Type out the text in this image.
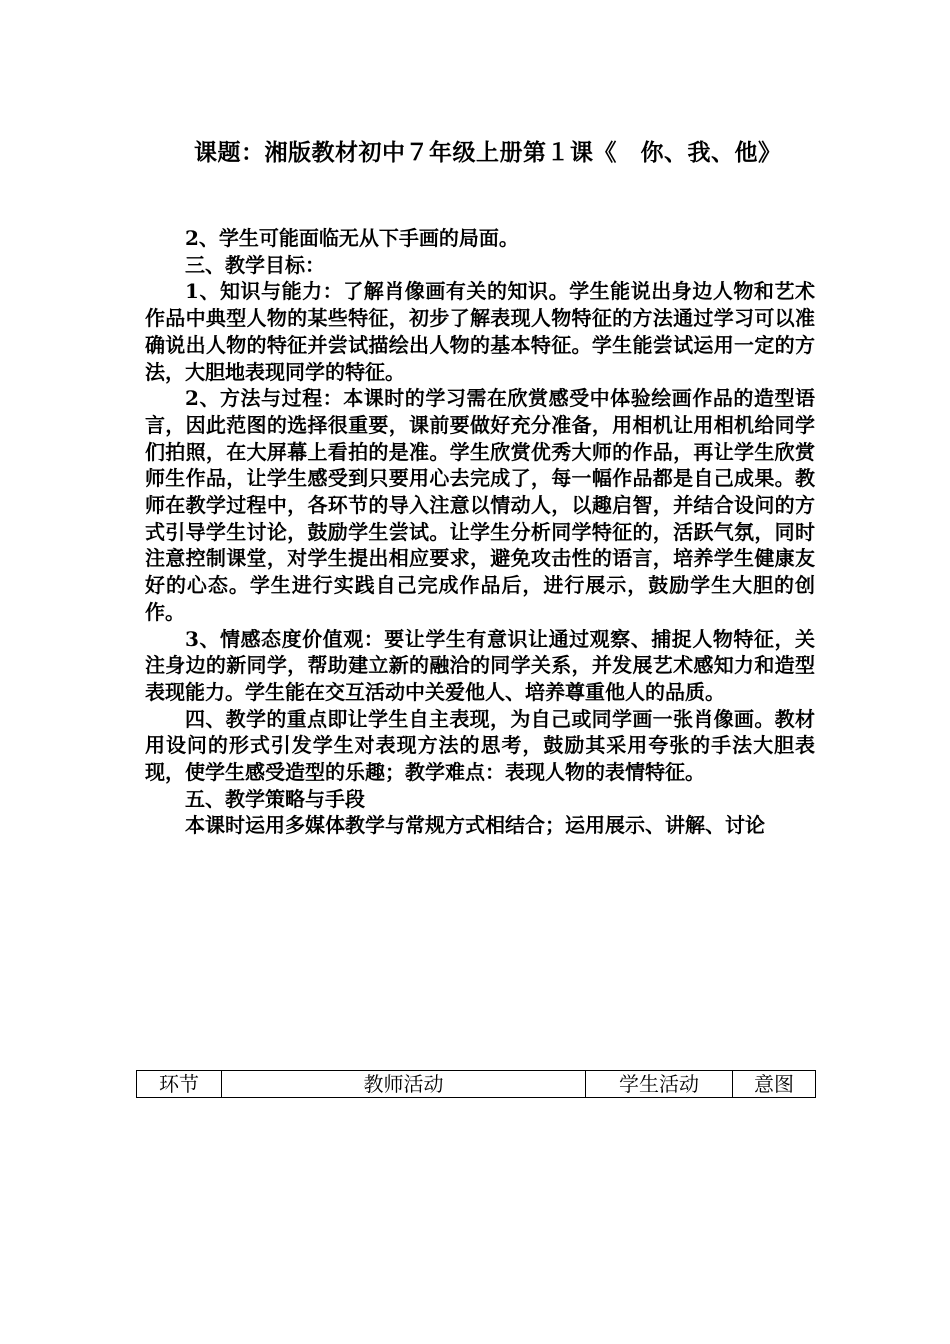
课题：湘版教材初中７年级上册第１课《　你、我、他》

2、学生可能面临无从下手画的局面。

三、教学目标：

1、知识与能力：了解肖像画有关的知识。学生能说出身边人物和艺术作品中典型人物的某些特征，初步了解表现人物特征的方法通过学习可以准确说出人物的特征并尝试描绘出人物的基本特征。学生能尝试运用一定的方法，大胆地表现同学的特征。

2、方法与过程：本课时的学习需在欣赏感受中体验绘画作品的造型语言，因此范图的选择很重要，课前要做好充分准备，用相机让用相机给同学们拍照，在大屏幕上看拍的是准。学生欣赏优秀大师的作品，再让学生欣赏师生作品，让学生感受到只要用心去完成了，每一幅作品都是自己成果。教师在教学过程中，各环节的导入注意以情动人，以趣启智，并结合设问的方式引导学生讨论，鼓励学生尝试。让学生分析同学特征的，活跃气氛，同时注意控制课堂，对学生提出相应要求，避免攻击性的语言，培养学生健康友好的心态。学生进行实践自己完成作品后，进行展示，鼓励学生大胆的创作。

3、情感态度价值观：要让学生有意识让通过观察、捕捉人物特征，关注身边的新同学，帮助建立新的融洽的同学关系，并发展艺术感知力和造型表现能力。学生能在交互活动中关爱他人、培养尊重他人的品质。

四、教学的重点即让学生自主表现，为自己或同学画一张肖像画。教材用设问的形式引发学生对表现方法的思考，鼓励其采用夸张的手法大胆表现，使学生感受造型的乐趣；教学难点：表现人物的表情特征。

五、教学策略与手段

本课时运用多媒体教学与常规方式相结合；运用展示、讲解、讨论

环节	教师活动	学生活动	意图
